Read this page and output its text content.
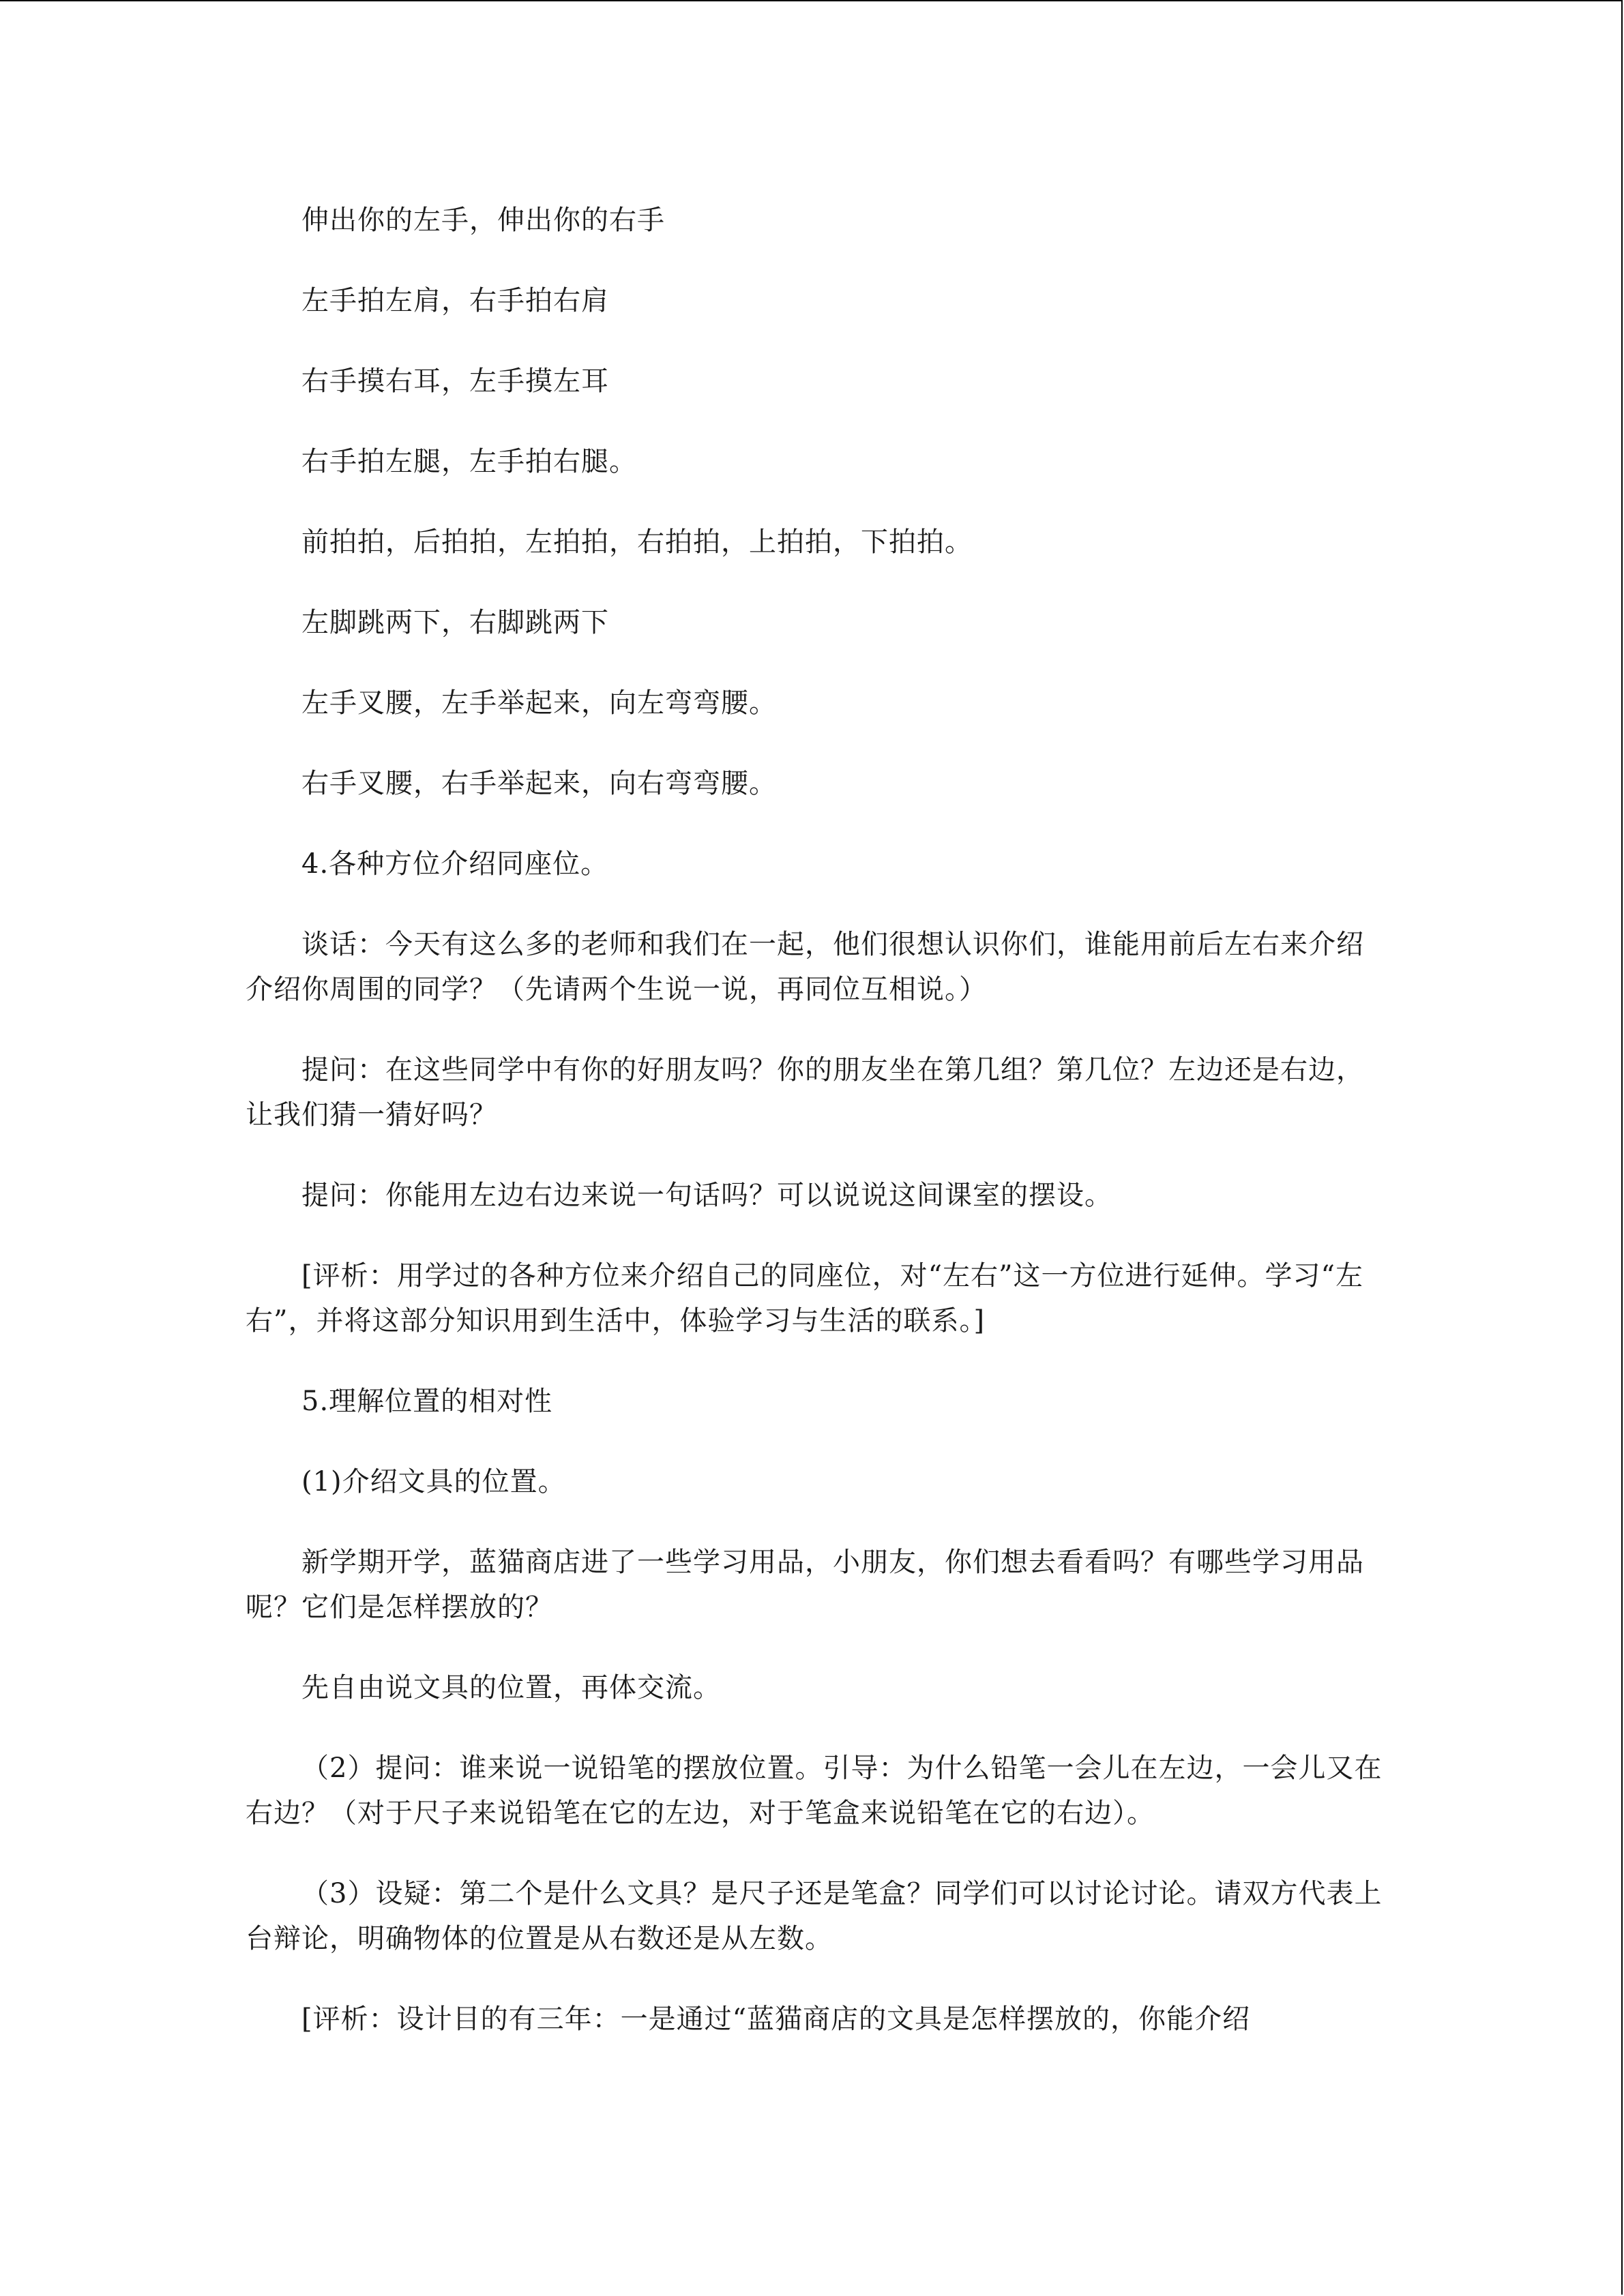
伸出你的左手，伸出你的右手

左手拍左肩，右手拍右肩

右手摸右耳，左手摸左耳

右手拍左腿，左手拍右腿。

前拍拍，后拍拍，左拍拍，右拍拍，上拍拍，下拍拍。

左脚跳两下，右脚跳两下

左手叉腰，左手举起来，向左弯弯腰。

右手叉腰，右手举起来，向右弯弯腰。

4.各种方位介绍同座位。

谈话：今天有这么多的老师和我们在一起，他们很想认识你们，谁能用前后左右来介绍介绍你周围的同学？（先请两个生说一说，再同位互相说。）

提问：在这些同学中有你的好朋友吗？你的朋友坐在第几组？第几位？左边还是右边，让我们猜一猜好吗？

提问：你能用左边右边来说一句话吗？可以说说这间课室的摆设。

[评析：用学过的各种方位来介绍自己的同座位，对“左右”这一方位进行延伸。学习“左右”，并将这部分知识用到生活中，体验学习与生活的联系。]

5.理解位置的相对性

(1)介绍文具的位置。

新学期开学，蓝猫商店进了一些学习用品，小朋友，你们想去看看吗？有哪些学习用品呢？它们是怎样摆放的？

先自由说文具的位置，再体交流。

（2）提问：谁来说一说铅笔的摆放位置。引导：为什么铅笔一会儿在左边，一会儿又在右边？（对于尺子来说铅笔在它的左边，对于笔盒来说铅笔在它的右边）。

（3）设疑：第二个是什么文具？是尺子还是笔盒？同学们可以讨论讨论。请双方代表上台辩论，明确物体的位置是从右数还是从左数。

[评析：设计目的有三年：一是通过“蓝猫商店的文具是怎样摆放的，你能介绍
